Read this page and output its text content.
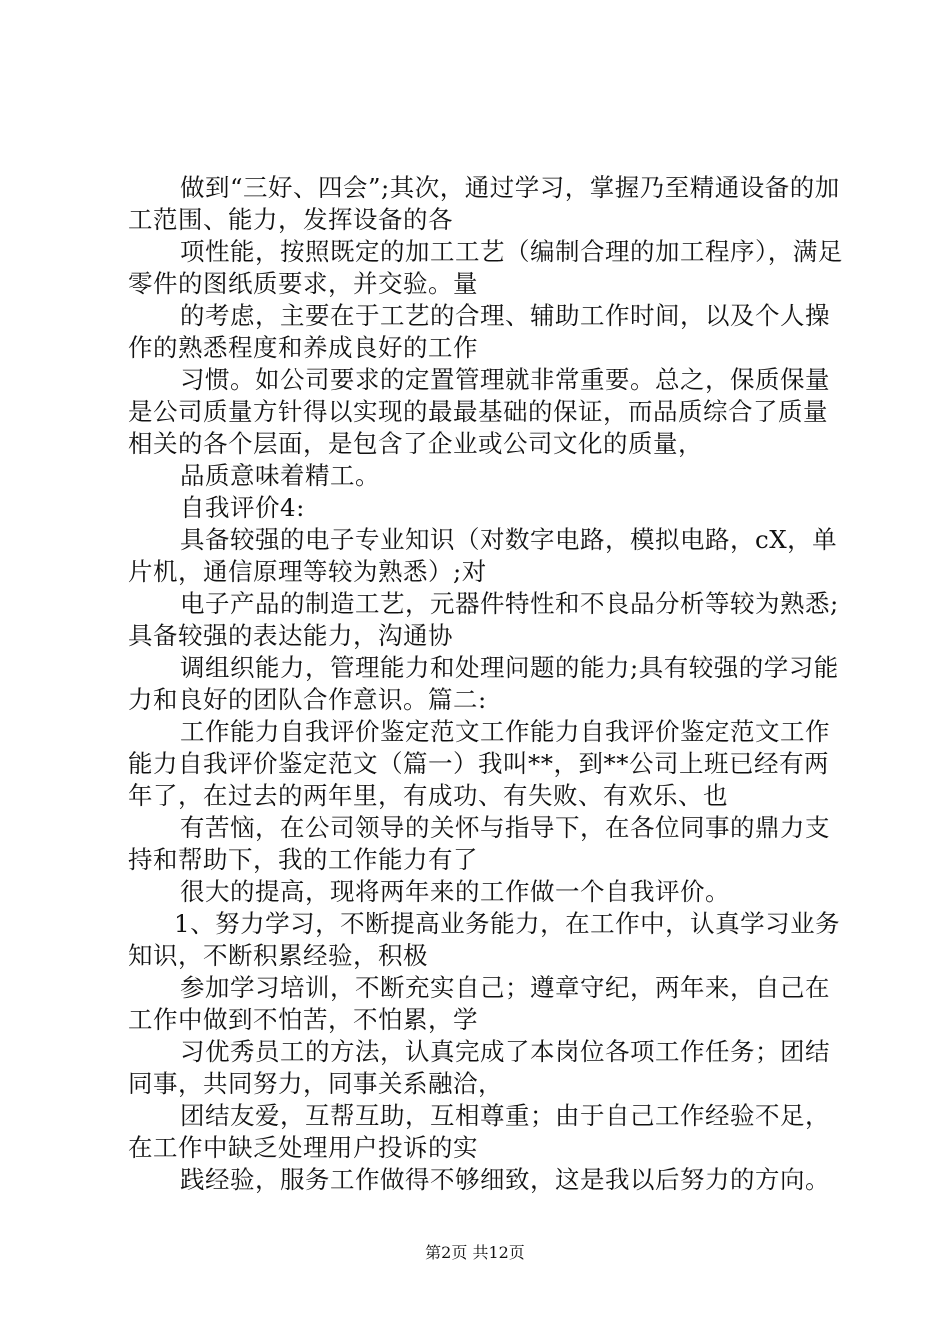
做到“三好、四会”;其次，通过学习，掌握乃至精通设备的加工范围、能力，发挥设备的各

项性能，按照既定的加工工艺（编制合理的加工程序），满足零件的图纸质要求，并交验。量

的考虑，主要在于工艺的合理、辅助工作时间，以及个人操作的熟悉程度和养成良好的工作

习惯。如公司要求的定置管理就非常重要。总之，保质保量是公司质量方针得以实现的最最基础的保证，而品质综合了质量相关的各个层面，是包含了企业或公司文化的质量，

品质意味着精工。

自我评价4:

具备较强的电子专业知识（对数字电路，模拟电路，cX，单片机，通信原理等较为熟悉）;对

电子产品的制造工艺，元器件特性和不良品分析等较为熟悉;具备较强的表达能力，沟通协

调组织能力，管理能力和处理问题的能力;具有较强的学习能力和良好的团队合作意识。篇二:

工作能力自我评价鉴定范文工作能力自我评价鉴定范文工作能力自我评价鉴定范文（篇一）我叫**，到**公司上班已经有两年了，在过去的两年里，有成功、有失败、有欢乐、也

有苦恼，在公司领导的关怀与指导下，在各位同事的鼎力支持和帮助下，我的工作能力有了

很大的提高，现将两年来的工作做一个自我评价。

1、努力学习，不断提高业务能力，在工作中，认真学习业务知识，不断积累经验，积极

参加学习培训，不断充实自己；遵章守纪，两年来，自己在工作中做到不怕苦，不怕累，学

习优秀员工的方法，认真完成了本岗位各项工作任务；团结同事，共同努力，同事关系融洽，

团结友爱，互帮互助，互相尊重；由于自己工作经验不足，在工作中缺乏处理用户投诉的实

践经验，服务工作做得不够细致，这是我以后努力的方向。

第2页 共12页
